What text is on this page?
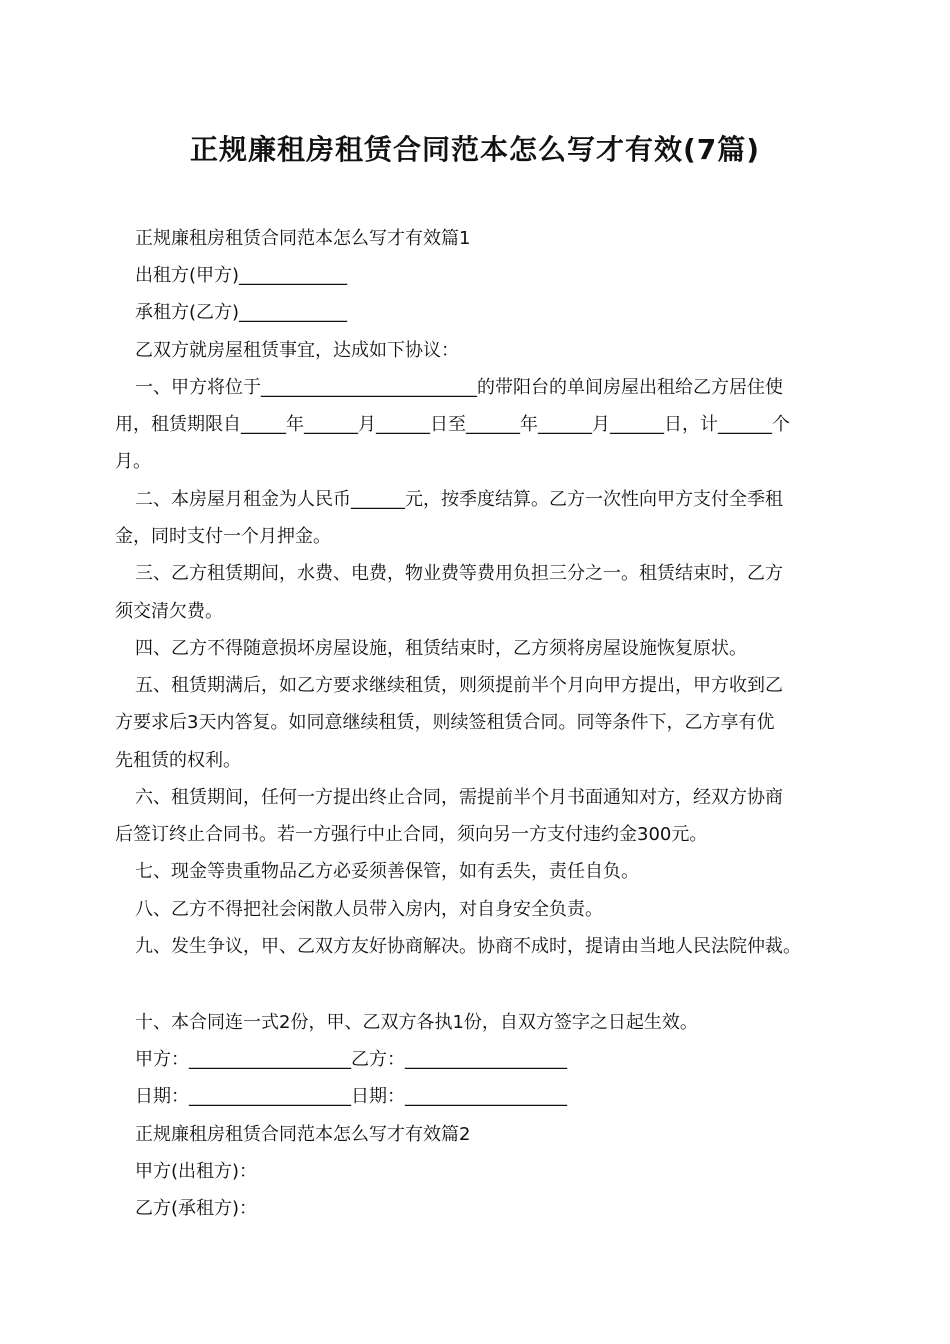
正规廉租房租赁合同范本怎么写才有效(7篇)
正规廉租房租赁合同范本怎么写才有效篇1
出租方(甲方)____________
承租方(乙方)____________
乙双方就房屋租赁事宜，达成如下协议：
一、甲方将位于________________________的带阳台的单间房屋出租给乙方居住使
用，租赁期限自_____年______月______日至______年______月______日，计______个
月。
二、本房屋月租金为人民币______元，按季度结算。乙方一次性向甲方支付全季租
金，同时支付一个月押金。
三、乙方租赁期间，水费、电费，物业费等费用负担三分之一。租赁结束时，乙方
须交清欠费。
四、乙方不得随意损坏房屋设施，租赁结束时，乙方须将房屋设施恢复原状。
五、租赁期满后，如乙方要求继续租赁，则须提前半个月向甲方提出，甲方收到乙
方要求后3天内答复。如同意继续租赁，则续签租赁合同。同等条件下，乙方享有优
先租赁的权利。
六、租赁期间，任何一方提出终止合同，需提前半个月书面通知对方，经双方协商
后签订终止合同书。若一方强行中止合同，须向另一方支付违约金300元。
七、现金等贵重物品乙方必妥须善保管，如有丢失，责任自负。
八、乙方不得把社会闲散人员带入房内，对自身安全负责。
九、发生争议，甲、乙双方友好协商解决。协商不成时，提请由当地人民法院仲裁。
十、本合同连一式2份，甲、乙双方各执1份，自双方签字之日起生效。
甲方：__________________乙方：__________________
日期：__________________日期：__________________
正规廉租房租赁合同范本怎么写才有效篇2
甲方(出租方)：
乙方(承租方)：
